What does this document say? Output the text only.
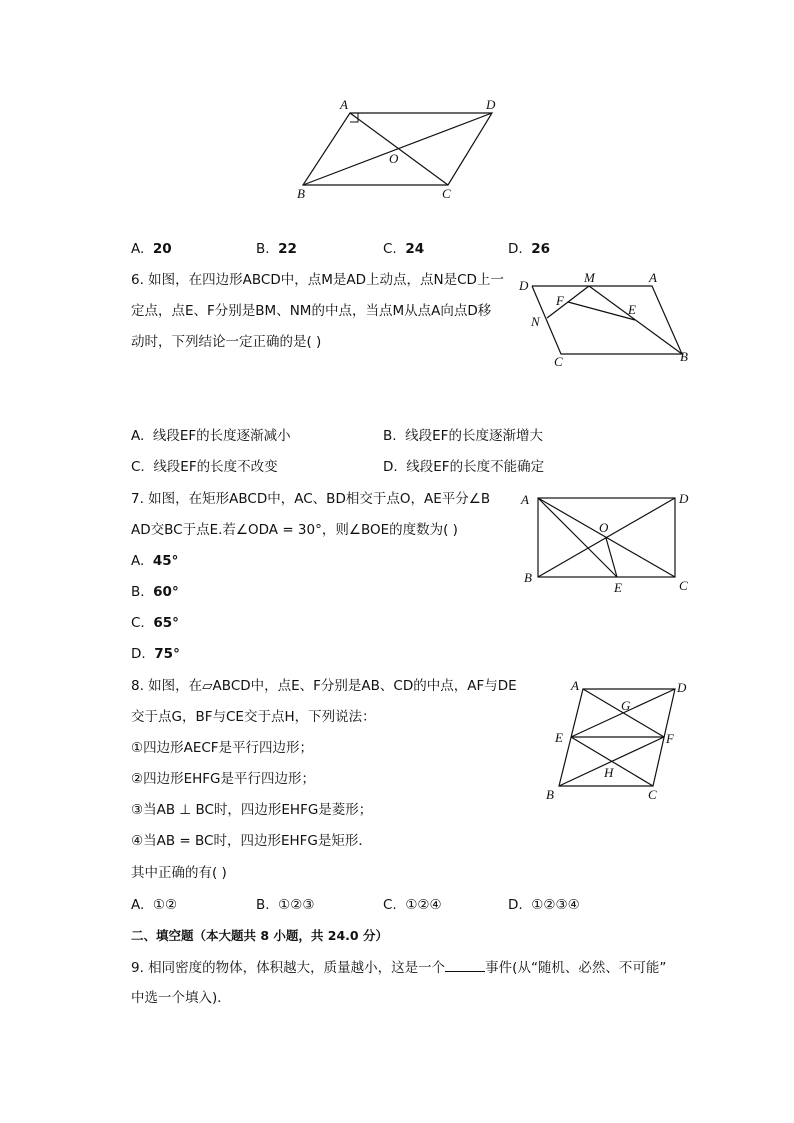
A	D
O
B	C
A. 20	B. 22	C. 24	D. 26
6. 如图，在四边形ABCD中，点M是AD上动点，点N是CD上一
定点，点E、F分别是BM、NM的中点，当点M从点A向点D移
动时，下列结论一定正确的是( )
D
M	A
F
E
N
C	B
A. 线段EF的长度逐渐减小	B. 线段EF的长度逐渐增大
C. 线段EF的长度不改变	D. 线段EF的长度不能确定
7. 如图，在矩形ABCD中，AC、BD相交于点O，AE平分∠B
AD交BC于点E.若∠ODA = 30°，则∠BOE的度数为( )
A	D
O
B
E	C
A. 45°
B. 60°
C. 65°
D. 75°
8. 如图，在▱ABCD中，点E、F分别是AB、CD的中点，AF与DE
交于点G，BF与CE交于点H，下列说法：
①四边形AECF是平行四边形；
②四边形EHFG是平行四边形；
③当AB ⊥ BC时，四边形EHFG是菱形；
④当AB = BC时，四边形EHFG是矩形．
其中正确的有( )
A	D
G
E	F
H
B	C
A. ①②	B. ①②③	C. ①②④	D. ①②③④
二、填空题（本大题共 8 小题，共 24.0 分）
9. 相同密度的物体，体积越大，质量越小，这是一个	事件(从“随机、必然、不可能”
中选一个填入)．
